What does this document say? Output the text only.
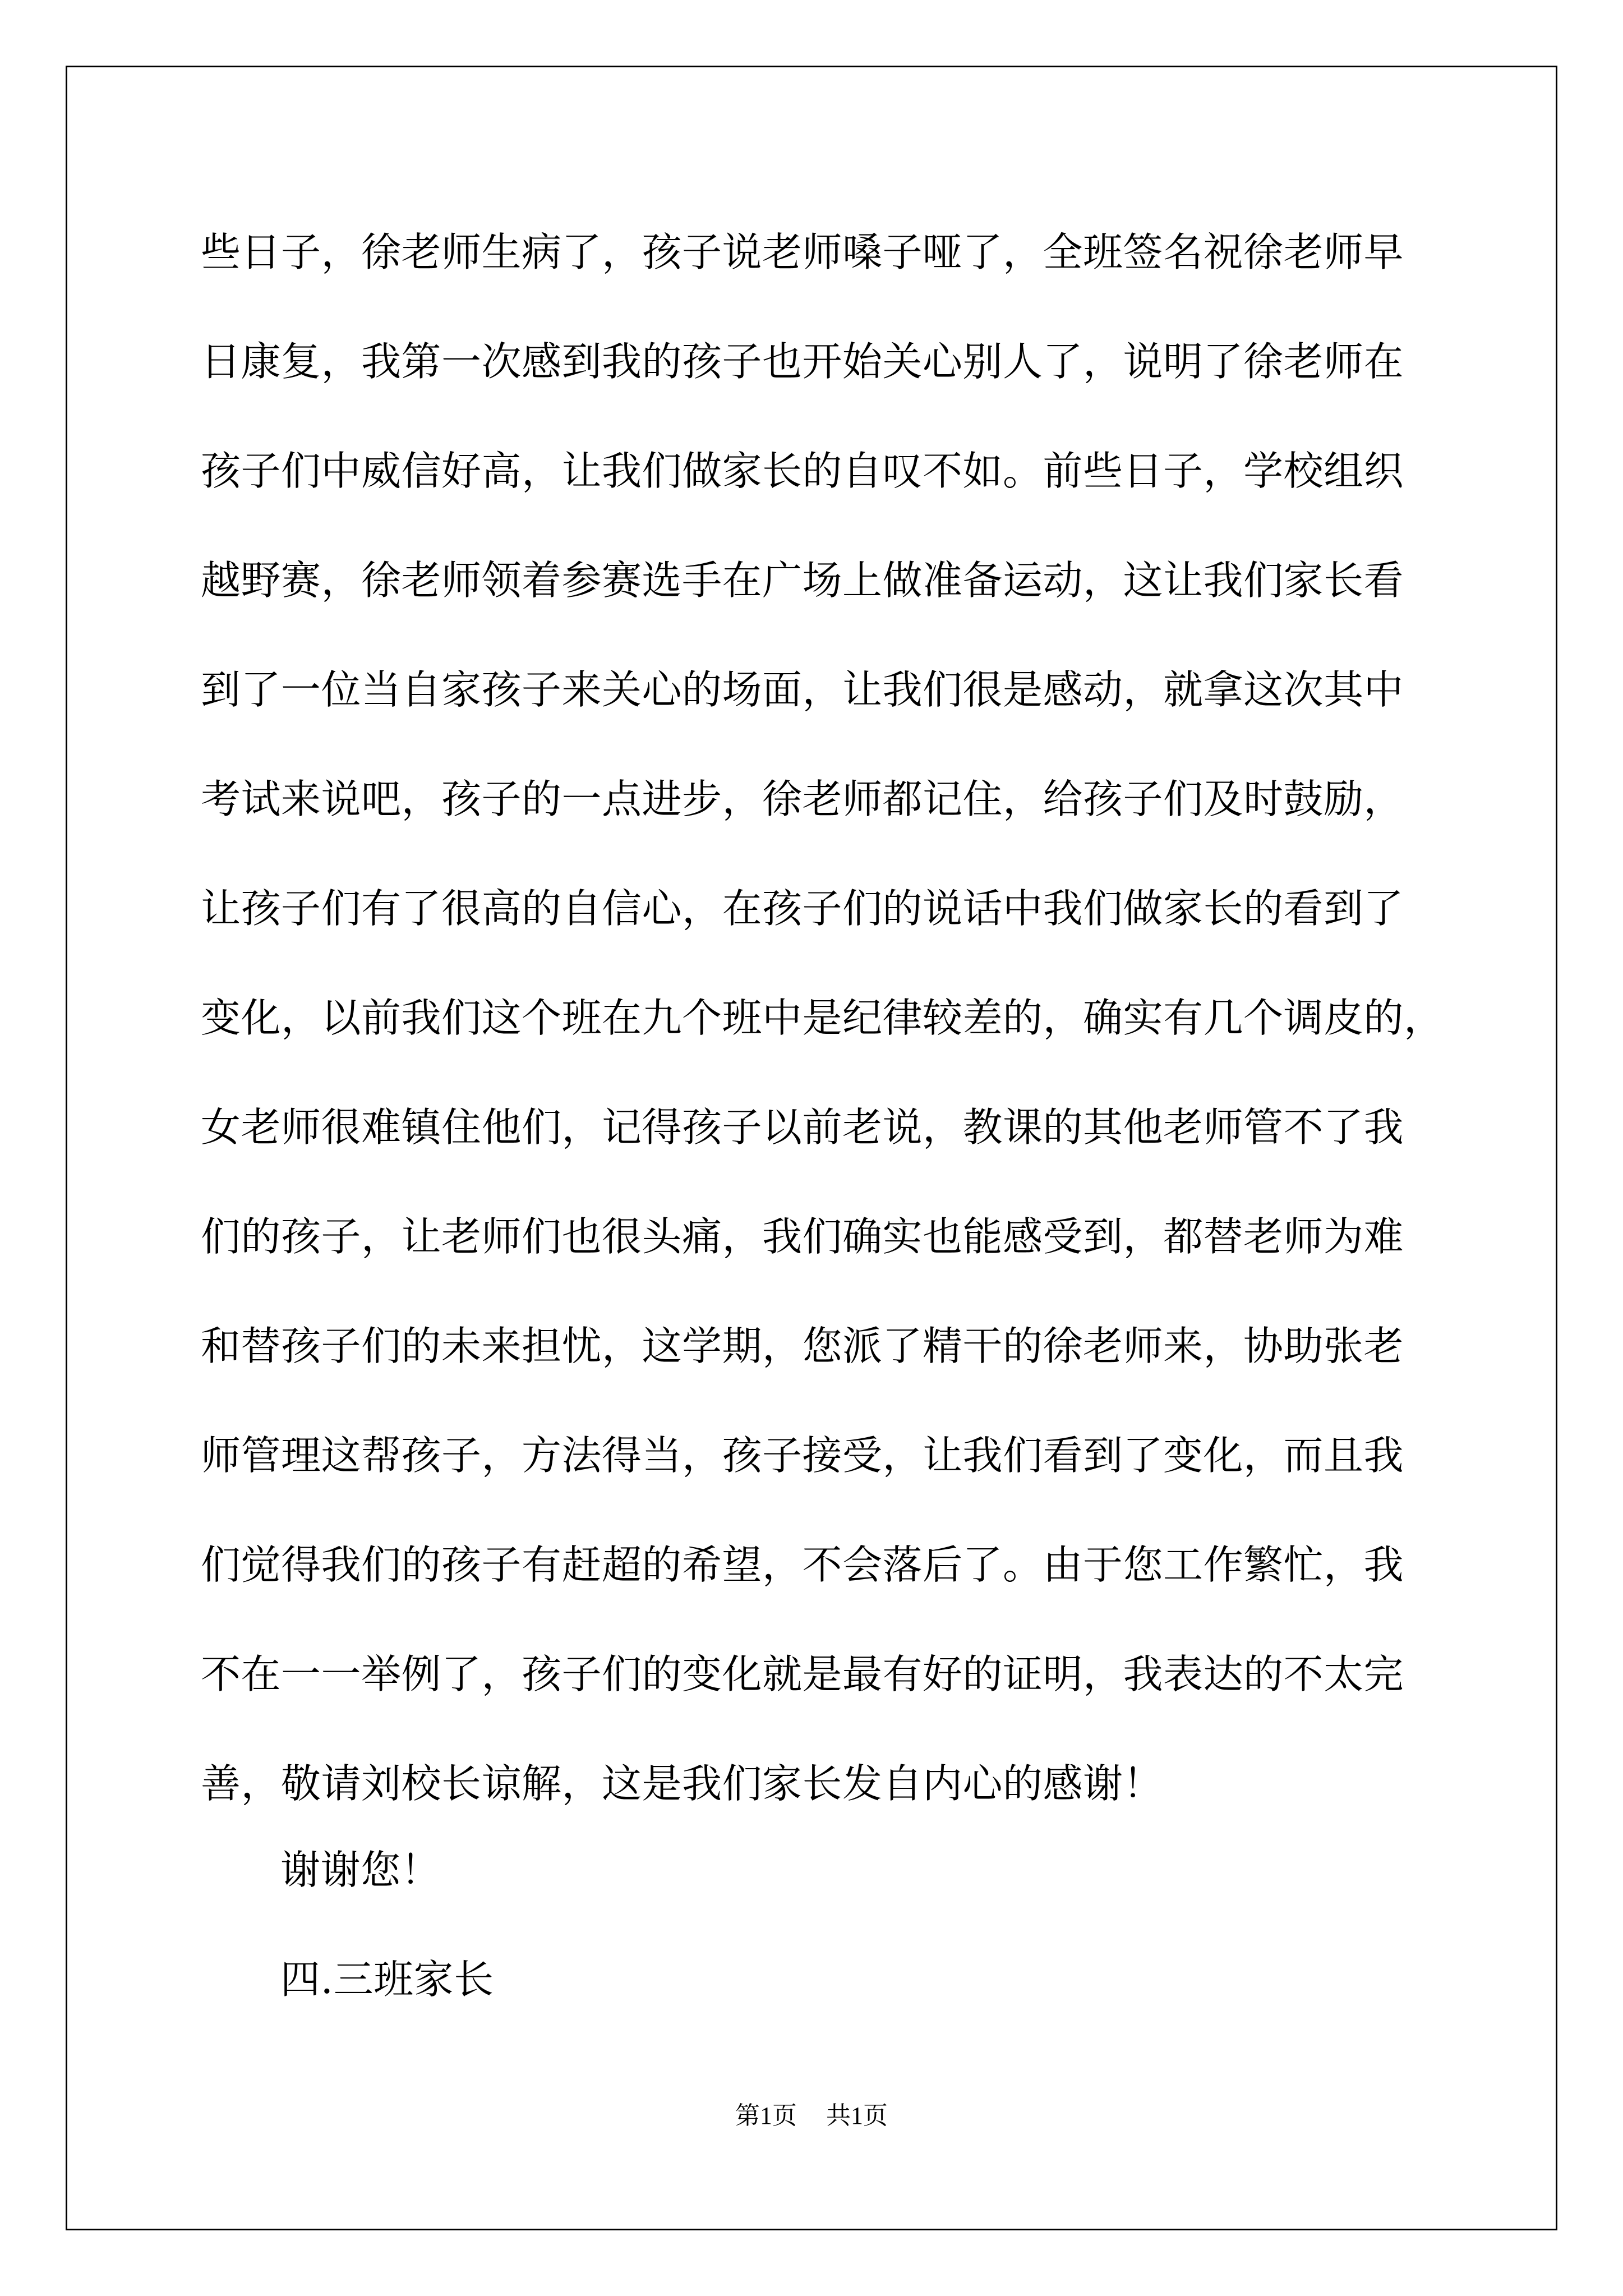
些日子，徐老师生病了，孩子说老师嗓子哑了，全班签名祝徐老师早
日康复，我第一次感到我的孩子也开始关心别人了，说明了徐老师在
孩子们中威信好高，让我们做家长的自叹不如。前些日子，学校组织
越野赛，徐老师领着参赛选手在广场上做准备运动，这让我们家长看
到了一位当自家孩子来关心的场面，让我们很是感动，就拿这次其中
考试来说吧，孩子的一点进步，徐老师都记住，给孩子们及时鼓励，
让孩子们有了很高的自信心，在孩子们的说话中我们做家长的看到了
变化，以前我们这个班在九个班中是纪律较差的，确实有几个调皮的，
女老师很难镇住他们，记得孩子以前老说，教课的其他老师管不了我
们的孩子，让老师们也很头痛，我们确实也能感受到，都替老师为难
和替孩子们的未来担忧，这学期，您派了精干的徐老师来，协助张老
师管理这帮孩子，方法得当，孩子接受，让我们看到了变化，而且我
们觉得我们的孩子有赶超的希望，不会落后了。由于您工作繁忙，我
不在一一举例了，孩子们的变化就是最有好的证明，我表达的不太完
善，敬请刘校长谅解，这是我们家长发自内心的感谢！
谢谢您！
四.三班家长
第1页 共1页
